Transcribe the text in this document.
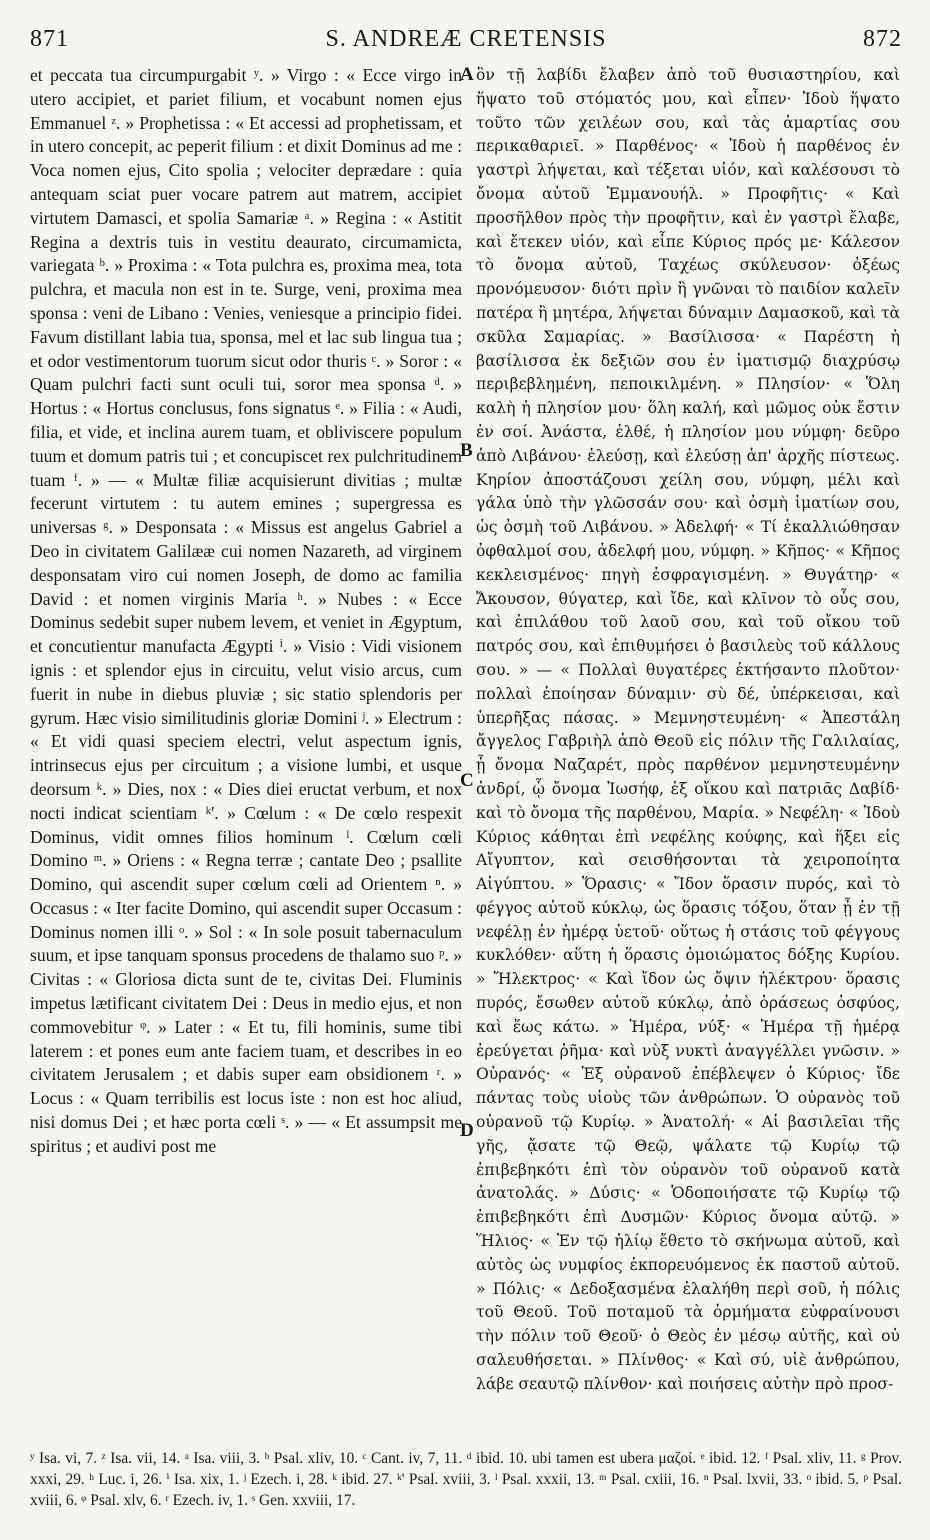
871	S. ANDREÆ CRETENSIS	872

et peccata tua circumpurgabit ʸ. » Virgo : « Ecce virgo in utero accipiet, et pariet filium, et vocabunt nomen ejus Emmanuel ᶻ. » Prophetissa : « Et accessi ad prophetissam, et in utero concepit, ac peperit filium : et dixit Dominus ad me : Voca nomen ejus, Cito spolia ; velociter deprædare : quia antequam sciat puer vocare patrem aut matrem, accipiet virtutem Damasci, et spolia Samariæ ᵃ. » Regina : « Astitit Regina a dextris tuis in vestitu deaurato, circumamicta, variegata ᵇ. » Proxima : « Tota pulchra es, proxima mea, tota pulchra, et macula non est in te. Surge, veni, proxima mea sponsa : veni de Libano : Venies, veniesque a principio fidei. Favum distillant labia tua, sponsa, mel et lac sub lingua tua ; et odor vestimentorum tuorum sicut odor thuris ᶜ. » Soror : « Quam pulchri facti sunt oculi tui, soror mea sponsa ᵈ. » Hortus : « Hortus conclusus, fons signatus ᵉ. » Filia : « Audi, filia, et vide, et inclina aurem tuam, et obliviscere populum tuum et domum patris tui ; et concupiscet rex pulchritudinem tuam ᶠ. » — « Multæ filiæ acquisierunt divitias ; multæ fecerunt virtutem : tu autem emines ; supergressa es universas ᵍ. » Desponsata : « Missus est angelus Gabriel a Deo in civitatem Galilææ cui nomen Nazareth, ad virginem desponsatam viro cui nomen Joseph, de domo ac familia David : et nomen virginis Maria ʰ. » Nubes : « Ecce Dominus sedebit super nubem levem, et veniet in Ægyptum, et concutientur manufacta Ægypti ⁱ. » Visio : Vidi visionem ignis : et splendor ejus in circuitu, velut visio arcus, cum fuerit in nube in diebus pluviæ ; sic statio splendoris per gyrum. Hæc visio similitudinis gloriæ Domini ʲ. » Electrum : « Et vidi quasi speciem electri, velut aspectum ignis, intrinsecus ejus per circuitum ; a visione lumbi, et usque deorsum ᵏ. » Dies, nox : « Dies diei eructat verbum, et nox nocti indicat scientiam ᵏ'. » Cœlum : « De cœlo respexit Dominus, vidit omnes filios hominum ˡ. Cœlum cœli Domino ᵐ. » Oriens : « Regna terræ ; cantate Deo ; psallite Domino, qui ascendit super cœlum cœli ad Orientem ⁿ. » Occasus : « Iter facite Domino, qui ascendit super Occasum : Dominus nomen illi ᵒ. » Sol : « In sole posuit tabernaculum suum, et ipse tanquam sponsus procedens de thalamo suo ᵖ. » Civitas : « Gloriosa dicta sunt de te, civitas Dei. Fluminis impetus lætificant civitatem Dei : Deus in medio ejus, et non commovebitur ᵠ. » Later : « Et tu, fili hominis, sume tibi laterem : et pones eum ante faciem tuam, et describes in eo civitatem Jerusalem ; et dabis super eam obsidionem ʳ. » Locus : « Quam terribilis est locus iste : non est hoc aliud, nisi domus Dei ; et hæc porta cœli ˢ. » — « Et assumpsit me spiritus ; et audivi post me

A
B
C
D

ὃν τῇ λαβίδι ἔλαβεν ἀπὸ τοῦ θυσιαστηρίου, καὶ ἥψατο τοῦ στόματός μου, καὶ εἶπεν· Ἰδοὺ ἥψατο τοῦτο τῶν χειλέων σου, καὶ τὰς ἁμαρτίας σου περικαθαριεῖ. » Παρθένος· « Ἰδοὺ ἡ παρθένος ἐν γαστρὶ λήψεται, καὶ τέξεται υἱόν, καὶ καλέσουσι τὸ ὄνομα αὐτοῦ Ἐμμανουήλ. » Προφῆτις· « Καὶ προσῆλθον πρὸς τὴν προφῆτιν, καὶ ἐν γαστρὶ ἔλαβε, καὶ ἔτεκεν υἱόν, καὶ εἶπε Κύριος πρός με· Κάλεσον τὸ ὄνομα αὐτοῦ, Ταχέως σκύλευσον· ὀξέως προνόμευσον· διότι πρὶν ἢ γνῶναι τὸ παιδίον καλεῖν πατέρα ἢ μητέρα, λήψεται δύναμιν Δαμασκοῦ, καὶ τὰ σκῦλα Σαμαρίας. » Βασίλισσα· « Παρέστη ἡ βασίλισσα ἐκ δεξιῶν σου ἐν ἱματισμῷ διαχρύσῳ περιβεβλημένη, πεποικιλμένη. » Πλησίον· « Ὅλη καλὴ ἡ πλησίον μου· ὅλη καλή, καὶ μῶμος οὐκ ἔστιν ἐν σοί. Ἀνάστα, ἐλθέ, ἡ πλησίον μου νύμφη· δεῦρο ἀπὸ Λιβάνου· ἐλεύσῃ, καὶ ἐλεύσῃ ἀπ' ἀρχῆς πίστεως. Κηρίον ἀποστάζουσι χείλη σου, νύμφη, μέλι καὶ γάλα ὑπὸ τὴν γλῶσσάν σου· καὶ ὀσμὴ ἱματίων σου, ὡς ὀσμὴ τοῦ Λιβάνου. » Ἀδελφή· « Τί ἐκαλλιώθησαν ὀφθαλμοί σου, ἀδελφή μου, νύμφη. » Κῆπος· « Κῆπος κεκλεισμένος· πηγὴ ἐσφραγισμένη. » Θυγάτηρ· « Ἄκουσον, θύγατερ, καὶ ἴδε, καὶ κλῖνον τὸ οὖς σου, καὶ ἐπιλάθου τοῦ λαοῦ σου, καὶ τοῦ οἴκου τοῦ πατρός σου, καὶ ἐπιθυμήσει ὁ βασιλεὺς τοῦ κάλλους σου. » — « Πολλαὶ θυγατέρες ἐκτήσαντο πλοῦτον· πολλαὶ ἐποίησαν δύναμιν· σὺ δέ, ὑπέρκεισαι, καὶ ὑπερῆξας πάσας. » Μεμνηστευμένη· « Ἀπεστάλη ἄγγελος Γαβριὴλ ἀπὸ Θεοῦ εἰς πόλιν τῆς Γαλιλαίας, ᾗ ὄνομα Ναζαρέτ, πρὸς παρθένον μεμνηστευμένην ἀνδρί, ᾧ ὄνομα Ἰωσήφ, ἐξ οἴκου καὶ πατριᾶς Δαβίδ· καὶ τὸ ὄνομα τῆς παρθένου, Μαρία. » Νεφέλη· « Ἰδοὺ Κύριος κάθηται ἐπὶ νεφέλης κούφης, καὶ ἥξει εἰς Αἴγυπτον, καὶ σεισθήσονται τὰ χειροποίητα Αἰγύπτου. » Ὅρασις· « Ἴδον ὅρασιν πυρός, καὶ τὸ φέγγος αὐτοῦ κύκλῳ, ὡς ὅρασις τόξου, ὅταν ᾖ ἐν τῇ νεφέλῃ ἐν ἡμέρᾳ ὑετοῦ· οὕτως ἡ στάσις τοῦ φέγγους κυκλόθεν· αὕτη ἡ ὅρασις ὁμοιώματος δόξης Κυρίου. » Ἤλεκτρος· « Καὶ ἴδον ὡς ὄψιν ἠλέκτρου· ὅρασις πυρός, ἔσωθεν αὐτοῦ κύκλῳ, ἀπὸ ὁράσεως ὀσφύος, καὶ ἕως κάτω. » Ἡμέρα, νύξ· « Ἡμέρα τῇ ἡμέρᾳ ἐρεύγεται ῥῆμα· καὶ νὺξ νυκτὶ ἀναγγέλλει γνῶσιν. » Οὐρανός· « Ἐξ οὐρανοῦ ἐπέβλεψεν ὁ Κύριος· ἴδε πάντας τοὺς υἱοὺς τῶν ἀνθρώπων. Ὁ οὐρανὸς τοῦ οὐρανοῦ τῷ Κυρίῳ. » Ἀνατολή· « Αἱ βασιλεῖαι τῆς γῆς, ᾄσατε τῷ Θεῷ, ψάλατε τῷ Κυρίῳ τῷ ἐπιβεβηκότι ἐπὶ τὸν οὐρανὸν τοῦ οὐρανοῦ κατὰ ἀνατολάς. » Δύσις· « Ὁδοποιήσατε τῷ Κυρίῳ τῷ ἐπιβεβηκότι ἐπὶ Δυσμῶν· Κύριος ὄνομα αὐτῷ. » Ἥλιος· « Ἐν τῷ ἡλίῳ ἔθετο τὸ σκήνωμα αὐτοῦ, καὶ αὐτὸς ὡς νυμφίος ἐκπορευόμενος ἐκ παστοῦ αὐτοῦ. » Πόλις· « Δεδοξασμένα ἐλαλήθη περὶ σοῦ, ἡ πόλις τοῦ Θεοῦ. Τοῦ ποταμοῦ τὰ ὁρμήματα εὐφραίνουσι τὴν πόλιν τοῦ Θεοῦ· ὁ Θεὸς ἐν μέσῳ αὐτῆς, καὶ οὐ σαλευθήσεται. » Πλίνθος· « Καὶ σύ, υἱὲ ἀνθρώπου, λάβε σεαυτῷ πλίνθον· καὶ ποιήσεις αὐτὴν πρὸ προσ-

ʸ Isa. vi, 7. ᶻ Isa. vii, 14. ᵃ Isa. viii, 3. ᵇ Psal. xliv, 10. ᶜ Cant. iv, 7, 11. ᵈ ibid. 10. ubi tamen est ubera μαζοί. ᵉ ibid. 12. ᶠ Psal. xliv, 11. ᵍ Prov. xxxi, 29. ʰ Luc. i, 26. ⁱ Isa. xix, 1. ʲ Ezech. i, 28. ᵏ ibid. 27. ᵏ' Psal. xviii, 3. ˡ Psal. xxxii, 13. ᵐ Psal. cxiii, 16. ⁿ Psal. lxvii, 33. ᵒ ibid. 5. ᵖ Psal. xviii, 6. ᵠ Psal. xlv, 6. ʳ Ezech. iv, 1. ˢ Gen. xxviii, 17.
